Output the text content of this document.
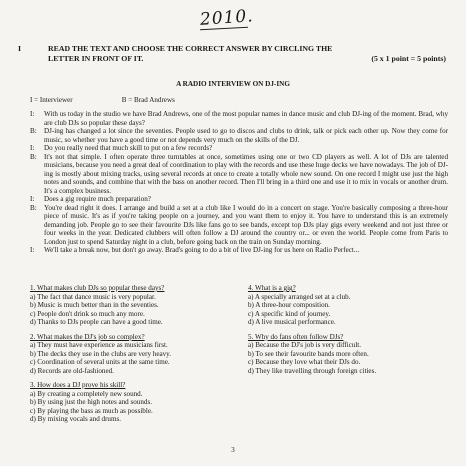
2010.
I	READ THE TEXT AND CHOOSE THE CORRECT ANSWER BY CIRCLING THE
LETTER IN FRONT OF IT.	(5 x 1 point = 5 points)
A RADIO INTERVIEW ON DJ-ING
I = Interviewer	B = Brad Andrews
I: With us today in the studio we have Brad Andrews, one of the most popular names in dance music and club DJ-ing of the moment. Brad, why are club DJs so popular these days?
B: DJ-ing has changed a lot since the seventies. People used to go to discos and clubs to drink, talk or pick each other up. Now they come for music, so whether you have a good time or not depends very much on the skills of the DJ.
I: Do you really need that much skill to put on a few records?
B: It's not that simple. I often operate three turntables at once, sometimes using one or two CD players as well. A lot of DJs are talented musicians, because you need a great deal of coordination to play with the records and use these huge decks we have nowadays. The job of DJ-ing is mostly about mixing tracks, using several records at once to create a totally whole new sound. On one record I might use just the high notes and sounds, and combine that with the bass on another record. Then I'll bring in a third one and use it to mix in vocals or another drum. It's a complex business.
I: Does a gig require much preparation?
B: You're dead right it does. I arrange and build a set at a club like I would do in a concert on stage. You're basically composing a three-hour piece of music. It's as if you're taking people on a journey, and you want them to enjoy it. You have to understand this is an extremely demanding job. People go to see their favourite DJs like fans go to see bands, except top DJs play gigs every weekend and not just three or four weeks in the year. Dedicated clubbers will often follow a DJ around the country or... or even the world. People come from Paris to London just to spend Saturday night in a club, before going back on the train on Sunday morning.
I: We'll take a break now, but don't go away. Brad's going to do a bit of live DJ-ing for us here on Radio Perfect...
1. What makes club DJs so popular these days?
a) The fact that dance music is very popular.
b) Music is much better than in the seventies.
c) People don't drink so much any more.
d) Thanks to DJs people can have a good time.
2. What makes the DJ's job so complex?
a) They must have experience as musicians first.
b) The decks they use in the clubs are very heavy.
c) Coordination of several units at the same time.
d) Records are old-fashioned.
3. How does a DJ prove his skill?
a) By creating a completely new sound.
b) By using just the high notes and sounds.
c) By playing the bass as much as possible.
d) By mixing vocals and drums.
4. What is a gig?
a) A specially arranged set at a club.
b) A three-hour composition.
c) A specific kind of journey.
d) A live musical performance.
5. Why do fans often follow DJs?
a) Because the DJ's job is very difficult.
b) To see their favourite bands more often.
c) Because they love what their DJs do.
d) They like travelling through foreign cities.
3
